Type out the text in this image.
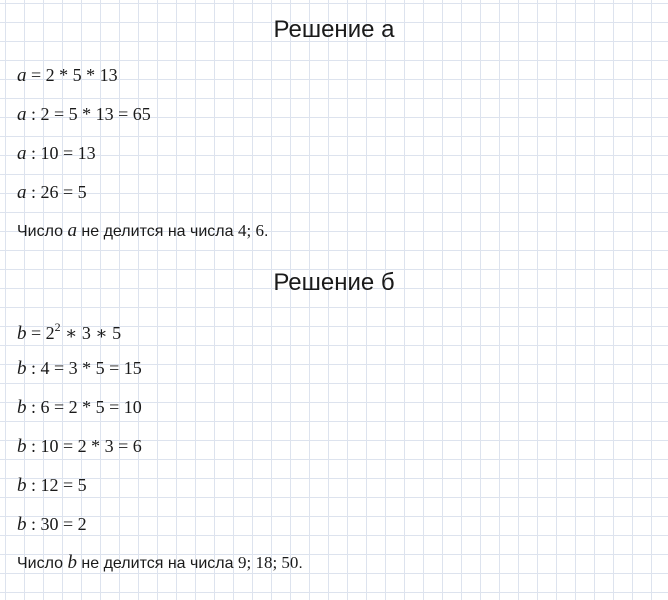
Решение а
a = 2 * 5 * 13
a : 2 = 5 * 13 = 65
a : 10 = 13
a : 26 = 5
Число a не делится на числа 4; 6.
Решение б
$b = 2^2$ ∗ 3 ∗ 5
b : 4 = 3 * 5 = 15
b : 6 = 2 * 5 = 10
b : 10 = 2 * 3 = 6
b : 12 = 5
b : 30 = 2
Число b не делится на числа 9; 18; 50.
